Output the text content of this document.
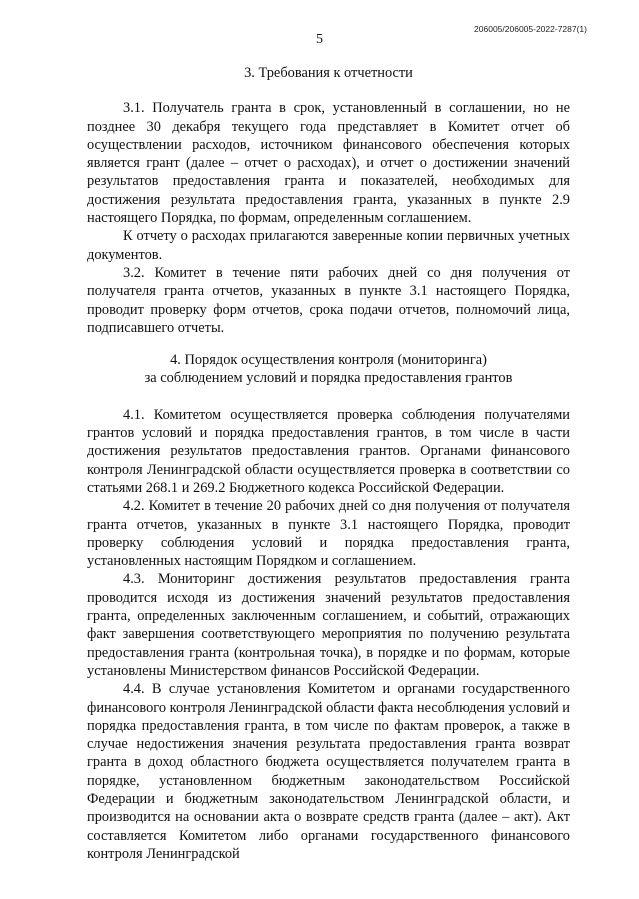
206005/206005-2022-7287(1)
5

3. Требования к отчетности

3.1. Получатель гранта в срок, установленный в соглашении, но не позднее 30 декабря текущего года представляет в Комитет отчет об осуществлении расходов, источником финансового обеспечения которых является грант (далее – отчет о расходах), и отчет о достижении значений результатов предоставления гранта и показателей, необходимых для достижения результата предоставления гранта, указанных в пункте 2.9 настоящего Порядка, по формам, определенным соглашением.

К отчету о расходах прилагаются заверенные копии первичных учетных документов.

3.2. Комитет в течение пяти рабочих дней со дня получения от получателя гранта отчетов, указанных в пункте 3.1 настоящего Порядка, проводит проверку форм отчетов, срока подачи отчетов, полномочий лица, подписавшего отчеты.

4. Порядок осуществления контроля (мониторинга)

за соблюдением условий и порядка предоставления грантов

4.1. Комитетом осуществляется проверка соблюдения получателями грантов условий и порядка предоставления грантов, в том числе в части достижения результатов предоставления грантов. Органами финансового контроля Ленинградской области осуществляется проверка в соответствии со статьями 268.1 и 269.2 Бюджетного кодекса Российской Федерации.

4.2. Комитет в течение 20 рабочих дней со дня получения от получателя гранта отчетов, указанных в пункте 3.1 настоящего Порядка, проводит проверку соблюдения условий и порядка предоставления гранта, установленных настоящим Порядком и соглашением.

4.3. Мониторинг достижения результатов предоставления гранта проводится исходя из достижения значений результатов предоставления гранта, определенных заключенным соглашением, и событий, отражающих факт завершения соответствующего мероприятия по получению результата предоставления гранта (контрольная точка), в порядке и по формам, которые установлены Министерством финансов Российской Федерации.

4.4. В случае установления Комитетом и органами государственного финансового контроля Ленинградской области факта несоблюдения условий и порядка предоставления гранта, в том числе по фактам проверок, а также в случае недостижения значения результата предоставления гранта возврат гранта в доход областного бюджета осуществляется получателем гранта в порядке, установленном бюджетным законодательством Российской Федерации и бюджетным законодательством Ленинградской области, и производится на основании акта о возврате средств гранта (далее – акт). Акт составляется Комитетом либо органами государственного финансового контроля Ленинградской
